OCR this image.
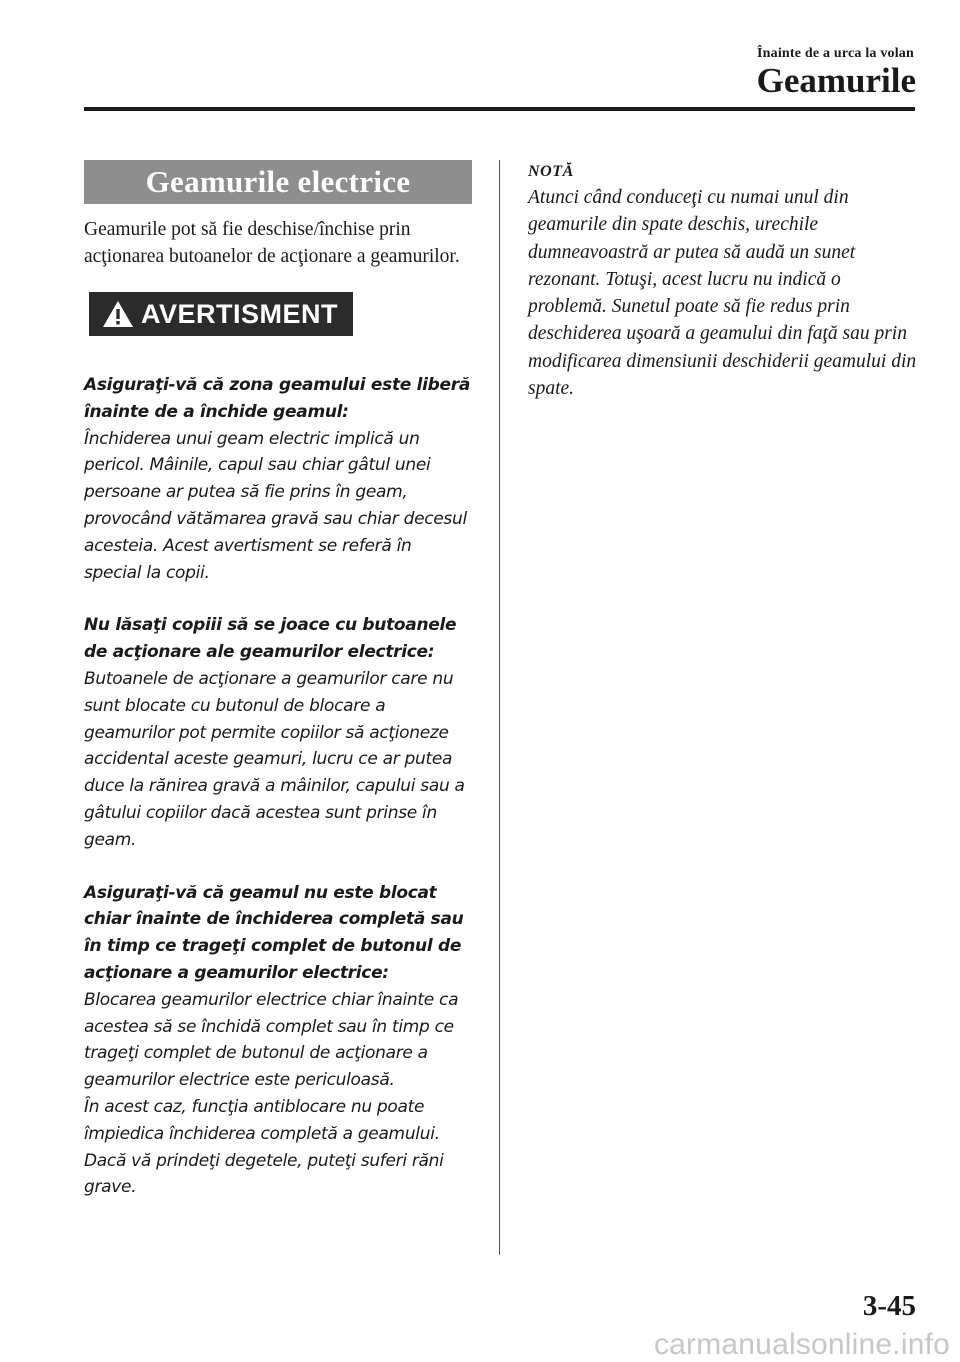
Înainte de a urca la volan
Geamurile
Geamurile electrice

Geamurile pot să fie deschise/închise prin acţionarea butoanelor de acţionare a geamurilor.

AVERTISMENT

Asiguraţi-vă că zona geamului este liberă înainte de a închide geamul:
Închiderea unui geam electric implică un pericol. Mâinile, capul sau chiar gâtul unei persoane ar putea să fie prins în geam, provocând vătămarea gravă sau chiar decesul acesteia. Acest avertisment se referă în special la copii.

Nu lăsaţi copiii să se joace cu butoanele de acţionare ale geamurilor electrice:
Butoanele de acţionare a geamurilor care nu sunt blocate cu butonul de blocare a geamurilor pot permite copiilor să acţioneze accidental aceste geamuri, lucru ce ar putea duce la rănirea gravă a mâinilor, capului sau a gâtului copiilor dacă acestea sunt prinse în geam.

Asiguraţi-vă că geamul nu este blocat chiar înainte de închiderea completă sau în timp ce trageţi complet de butonul de acţionare a geamurilor electrice:
Blocarea geamurilor electrice chiar înainte ca acestea să se închidă complet sau în timp ce trageţi complet de butonul de acţionare a geamurilor electrice este periculoasă.
În acest caz, funcţia antiblocare nu poate împiedica închiderea completă a geamului. Dacă vă prindeţi degetele, puteţi suferi răni grave.

NOTĂ

Atunci când conduceţi cu numai unul din geamurile din spate deschis, urechile dumneavoastră ar putea să audă un sunet rezonant. Totuşi, acest lucru nu indică o problemă. Sunetul poate să fie redus prin deschiderea uşoară a geamului din faţă sau prin modificarea dimensiunii deschiderii geamului din spate.

3-45
carmanualsonline.info
